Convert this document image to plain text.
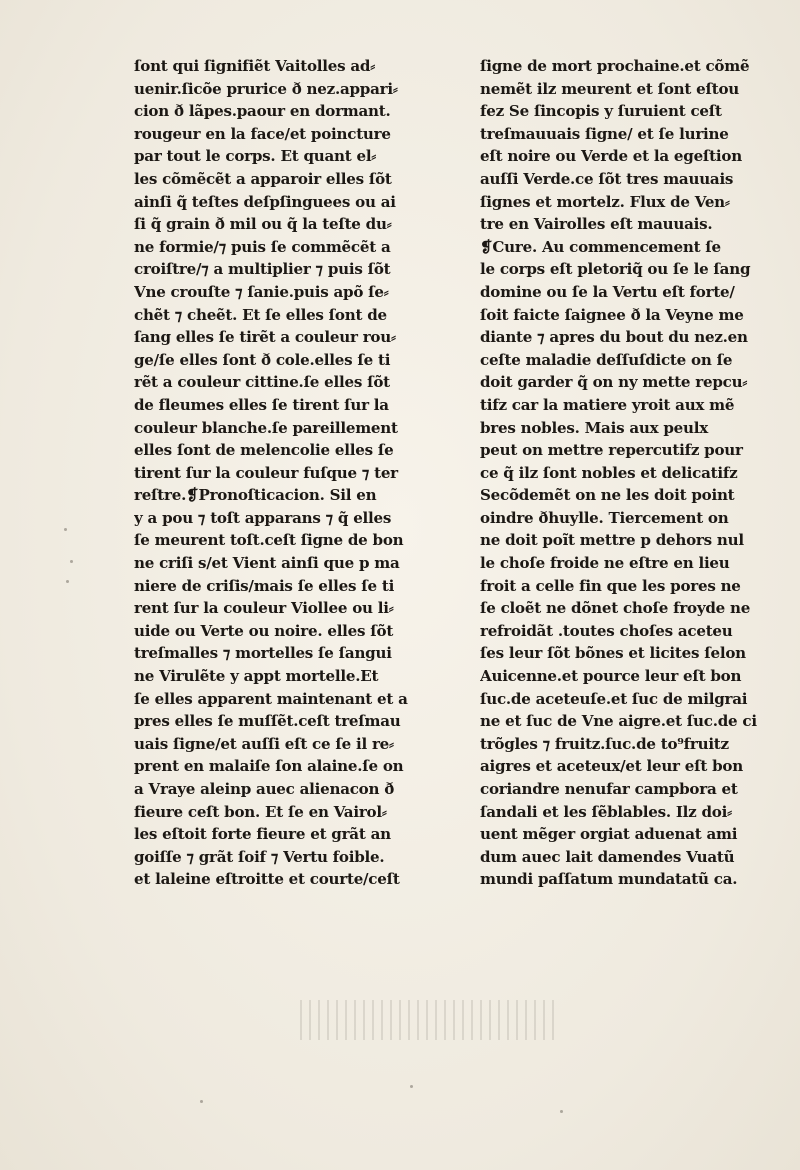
ſont qui ſignifiẽt Vaitolles ad⸗
uenir.ſicõe prurice ð nez.appari⸗
cion ð lãpes.paour en dormant.
rougeur en la face/et poincture
par tout le corps. Et quant el⸗
les cõmẽcẽt a apparoir elles ſõt
ainſi q̃ teſtes deſpſinguees ou ai
ſi q̃ grain ð mil ou q̃ la teſte du⸗
ne formie/⁊ puis ſe commẽcẽt a
croiſtre/⁊ a multiplier ⁊ puis ſõt
Vne crouſte ⁊ ſanie.puis apõ ſe⸗
chẽt ⁊ cheẽt. Et ſe elles ſont de
ſang elles ſe tirẽt a couleur rou⸗
ge/ſe elles ſont ð cole.elles ſe ti
rẽt a couleur cittine.ſe elles ſõt
de fleumes elles ſe tirent ſur la
couleur blanche.ſe pareillement
elles ſont de melencolie elles ſe
tirent ſur la couleur fuſque ⁊ ter
reſtre.❡Pronoſticacion. Sil en
y a pou ⁊ toſt apparans ⁊ q̃ elles
ſe meurent toſt.ceſt ſigne de bon
ne criſi s/et Vient ainſi que p ma
niere de criſis/mais ſe elles ſe ti
rent ſur la couleur Viollee ou li⸗
uide ou Verte ou noire. elles ſõt
treſmalles ⁊ mortelles ſe ſangui
ne Virulẽte y appt mortelle.Et
ſe elles apparent maintenant et a
pres elles ſe muſſẽt.ceſt treſmau
uais ſigne/et auſſi eſt ce ſe il re⸗
prent en malaiſe ſon alaine.ſe on
a Vraye aleinp auec alienacon ð
fieure ceſt bon. Et ſe en Vairol⸗
les eſtoit forte fieure et grãt an
goiſſe ⁊ grãt ſoif ⁊ Vertu foible.
et laleine eſtroitte et courte/ceſt
ſigne de mort prochaine.et cõmẽ
nemẽt ilz meurent et ſont eſtou
fez Se ſincopis y ſuruient ceſt
treſmauuais ſigne/ et ſe lurine
eſt noire ou Verde et la egeſtion
auſſi Verde.ce ſõt tres mauuais
ſignes et mortelz. Flux de Ven⸗
tre en Vairolles eſt mauuais.
❡Cure. Au commencement ſe
le corps eſt pletoriq̃ ou ſe le ſang
domine ou ſe la Vertu eſt forte/
ſoit faicte ſaignee ð la Veyne me
diante ⁊ apres du bout du nez.en
ceſte maladie deſſuſdicte on ſe
doit garder q̃ on ny mette repcu⸗
tifz car la matiere yroit aux mẽ
bres nobles. Mais aux peulx
peut on mettre repercutifz pour
ce q̃ ilz ſont nobles et delicatifz
Secõdemẽt on ne les doit point
oindre ðhuylle. Tiercement on
ne doit poĩt mettre p dehors nul
le choſe froide ne eſtre en lieu
froit a celle fin que les pores ne
ſe cloẽt ne dõnet choſe froyde ne
refroidãt .toutes choſes aceteu
ſes leur ſõt bõnes et licites ſelon
Auicenne.et pource leur eſt bon
ſuc.de aceteuſe.et ſuc de milgrai
ne et ſuc de Vne aigre.et ſuc.de ci
trõgles ⁊ fruitz.ſuc.de to⁹fruitz
aigres et aceteux/et leur eſt bon
coriandre nenufar campbora et
ſandali et les ſẽblables. Ilz doi⸗
uent mẽger orgiat aduenat ami
dum auec lait damendes Vuatũ
mundi paſſatum mundatatũ ca.
